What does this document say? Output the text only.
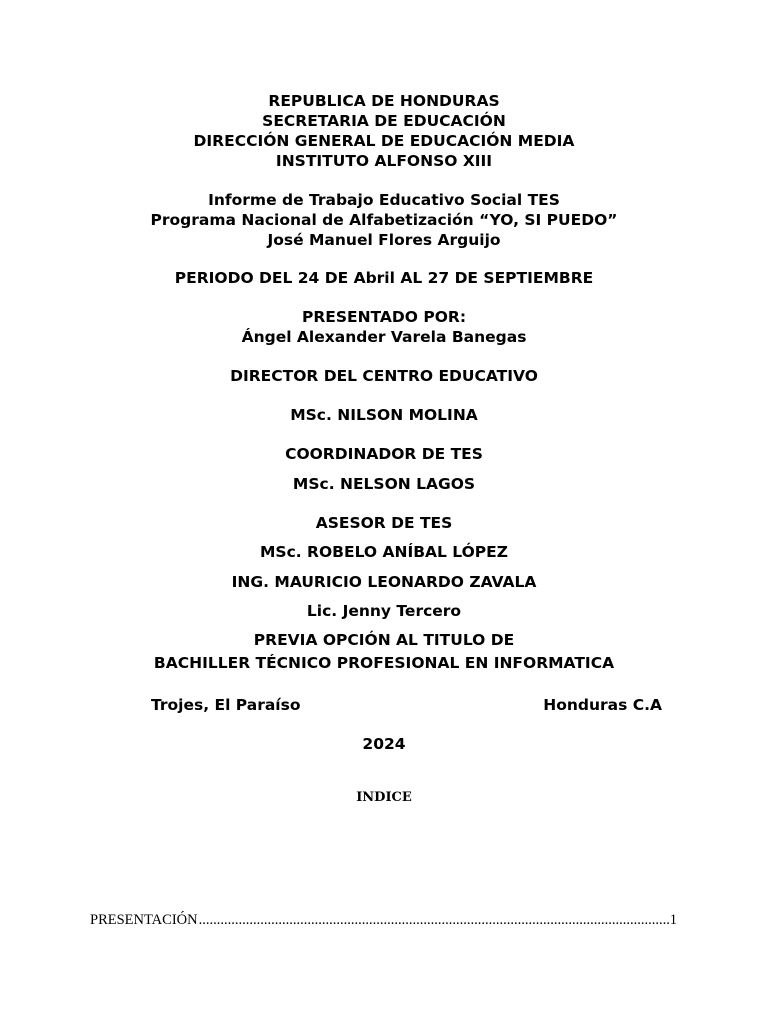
REPUBLICA DE HONDURAS
SECRETARIA DE EDUCACIÓN
DIRECCIÓN GENERAL DE EDUCACIÓN MEDIA
INSTITUTO ALFONSO XIII
Informe de Trabajo Educativo Social TES
Programa Nacional de Alfabetización “YO, SI PUEDO”
José Manuel Flores Arguijo
PERIODO DEL 24 DE Abril AL 27 DE SEPTIEMBRE
PRESENTADO POR:
Ángel Alexander Varela Banegas
DIRECTOR DEL CENTRO EDUCATIVO
MSc. NILSON MOLINA
COORDINADOR DE TES
MSc. NELSON LAGOS
ASESOR DE TES
MSc. ROBELO ANÍBAL LÓPEZ
ING. MAURICIO LEONARDO ZAVALA
Lic. Jenny Tercero
PREVIA OPCIÓN AL TITULO DE
BACHILLER TÉCNICO PROFESIONAL EN INFORMATICA
Trojes, El Paraíso	Honduras C.A
2024
INDICE
PRESENTACIÓN
.....	1
